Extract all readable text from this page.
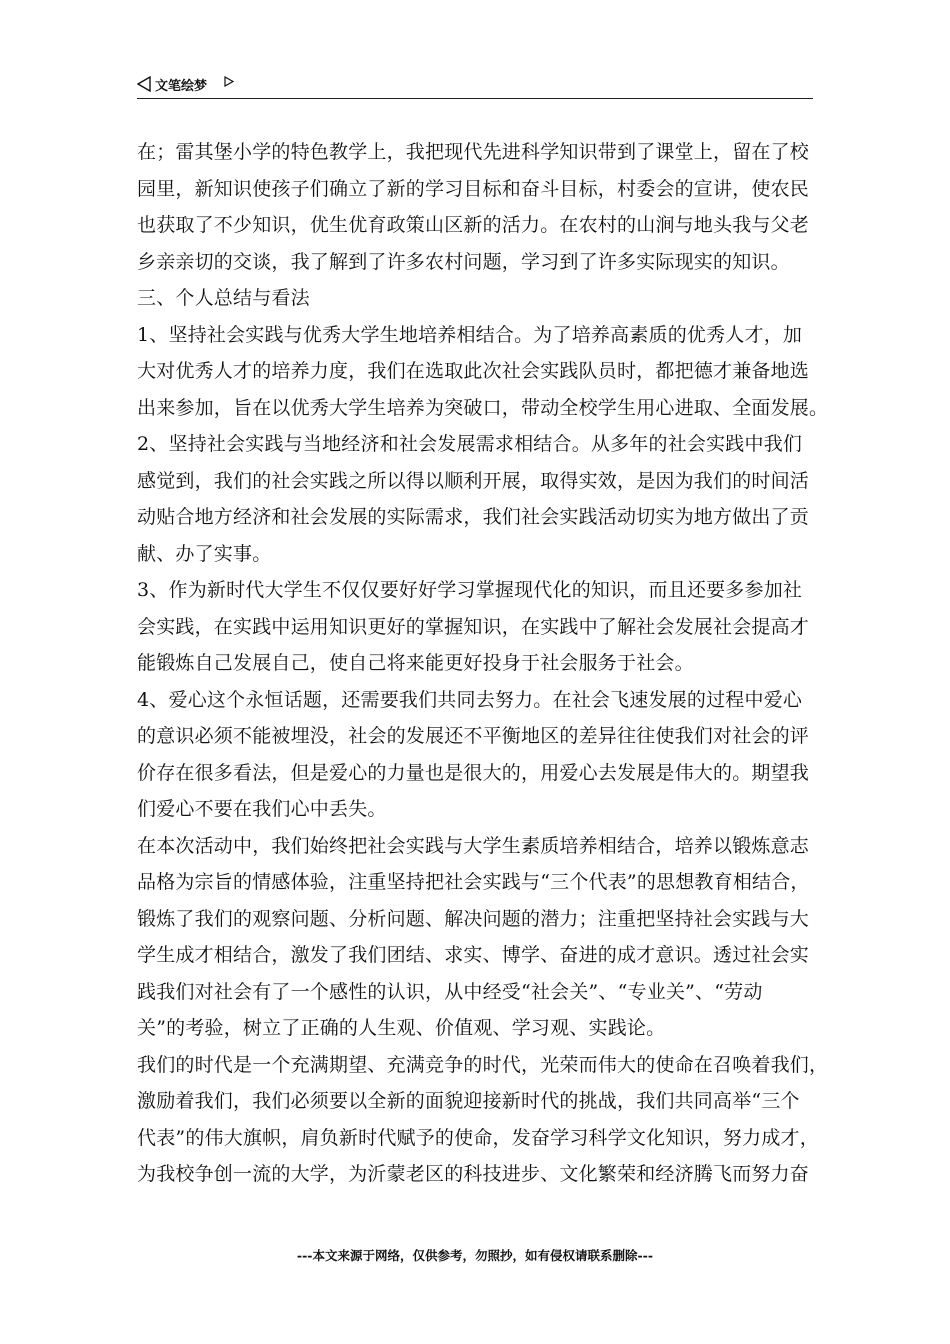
文笔绘梦
在；雷其堡小学的特色教学上，我把现代先进科学知识带到了课堂上，留在了校
园里，新知识使孩子们确立了新的学习目标和奋斗目标，村委会的宣讲，使农民
也获取了不少知识，优生优育政策山区新的活力。在农村的山涧与地头我与父老
乡亲亲切的交谈，我了解到了许多农村问题，学习到了许多实际现实的知识。
三、个人总结与看法
1、坚持社会实践与优秀大学生地培养相结合。为了培养高素质的优秀人才，加
大对优秀人才的培养力度，我们在选取此次社会实践队员时，都把德才兼备地选
出来参加，旨在以优秀大学生培养为突破口，带动全校学生用心进取、全面发展。
2、坚持社会实践与当地经济和社会发展需求相结合。从多年的社会实践中我们
感觉到，我们的社会实践之所以得以顺利开展，取得实效，是因为我们的时间活
动贴合地方经济和社会发展的实际需求，我们社会实践活动切实为地方做出了贡
献、办了实事。
3、作为新时代大学生不仅仅要好好学习掌握现代化的知识，而且还要多参加社
会实践，在实践中运用知识更好的掌握知识，在实践中了解社会发展社会提高才
能锻炼自己发展自己，使自己将来能更好投身于社会服务于社会。
4、爱心这个永恒话题，还需要我们共同去努力。在社会飞速发展的过程中爱心
的意识必须不能被埋没，社会的发展还不平衡地区的差异往往使我们对社会的评
价存在很多看法，但是爱心的力量也是很大的，用爱心去发展是伟大的。期望我
们爱心不要在我们心中丢失。
在本次活动中，我们始终把社会实践与大学生素质培养相结合，培养以锻炼意志
品格为宗旨的情感体验，注重坚持把社会实践与“三个代表”的思想教育相结合，
锻炼了我们的观察问题、分析问题、解决问题的潜力；注重把坚持社会实践与大
学生成才相结合，激发了我们团结、求实、博学、奋进的成才意识。透过社会实
践我们对社会有了一个感性的认识，从中经受“社会关”、“专业关”、“劳动
关”的考验，树立了正确的人生观、价值观、学习观、实践论。
我们的时代是一个充满期望、充满竞争的时代，光荣而伟大的使命在召唤着我们，
激励着我们，我们必须要以全新的面貌迎接新时代的挑战，我们共同高举“三个
代表”的伟大旗帜，肩负新时代赋予的使命，发奋学习科学文化知识，努力成才，
为我校争创一流的大学，为沂蒙老区的科技进步、文化繁荣和经济腾飞而努力奋
---本文来源于网络，仅供参考，勿照抄，如有侵权请联系删除---
